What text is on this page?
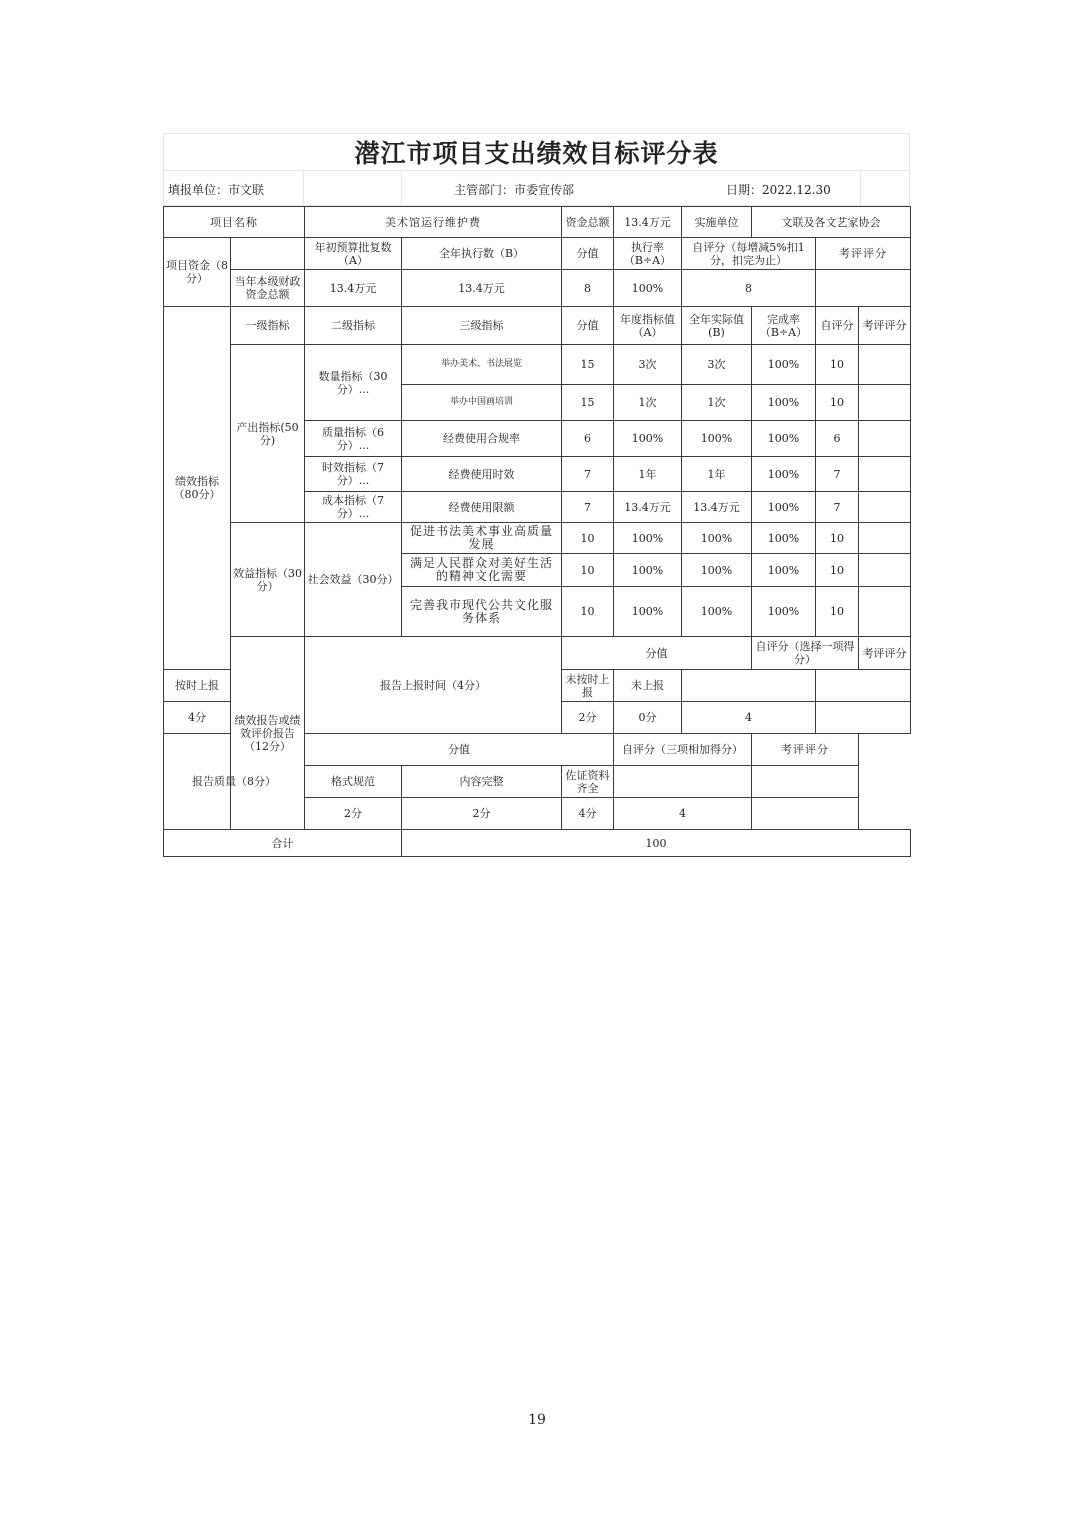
潜江市项目支出绩效目标评分表
填报单位：市文联	主管部门：市委宣传部	日期：2022.12.30
项目名称		美术馆运行维护费		资金总额	13.4万元	实施单位	文联及各文艺家协会			
项目资金（8分）		年初预算批复数（A）	全年执行数（B）	分值	执行率（B÷A）	自评分（每增减5%扣1分，扣完为止）		考评评分		
	当年本级财政资金总额	13.4万元	13.4万元	8	100%	8				
绩效指标（80分）	一级指标	二级指标	三级指标	分值	年度指标值（A）	全年实际值(B)	完成率（B÷A）	自评分	考评评分	
	产出指标(50分)	数量指标（30分）...	举办美术、书法展览	15	3次	3次	100%	10		
			举办中国画培训	15	1次	1次	100%	10		
		质量指标（6分）...	经费使用合规率	6	100%	100%	100%	6		
		时效指标（7分）...	经费使用时效	7	1年	1年	100%	7		
		成本指标（7分）...	经费使用限额	7	13.4万元	13.4万元	100%	7		
	效益指标（30分）	社会效益（30分）	促进书法美术事业高质量发展	10	100%	100%	100%	10		
			满足人民群众对美好生活的精神文化需要	10	100%	100%	100%	10		
			完善我市现代公共文化服务体系	10	100%	100%	100%	10		
	绩效报告或绩效评价报告（12分）	报告上报时间（4分）		分值			自评分（选择一项得分）		考评评分	
按时上报				未按时上报	未上报					
4分				2分	0分	4				
报告质量（8分）		分值			自评分（三项相加得分）		考评评分			
		格式规范	内容完整	佐证资料齐全						
		2分	2分	4分	4					
合计			100							
19
